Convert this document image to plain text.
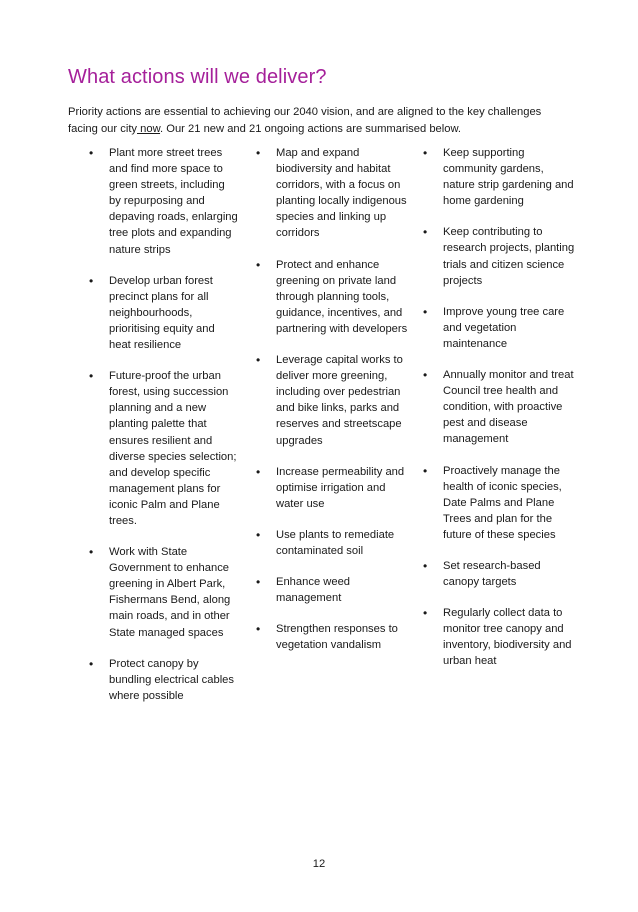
What actions will we deliver?

Priority actions are essential to achieving our 2040 vision, and are aligned to the key challenges facing our city now. Our 21 new and 21 ongoing actions are summarised below.

• Plant more street trees and find more space to green streets, including by repurposing and depaving roads, enlarging tree plots and expanding nature strips
• Develop urban forest precinct plans for all neighbourhoods, prioritising equity and heat resilience
• Future-proof the urban forest, using succession planning and a new planting palette that ensures resilient and diverse species selection; and develop specific management plans for iconic Palm and Plane trees.
• Work with State Government to enhance greening in Albert Park, Fishermans Bend, along main roads, and in other State managed spaces
• Protect canopy by bundling electrical cables where possible
• Map and expand biodiversity and habitat corridors, with a focus on planting locally indigenous species and linking up corridors
• Protect and enhance greening on private land through planning tools, guidance, incentives, and partnering with developers
• Leverage capital works to deliver more greening, including over pedestrian and bike links, parks and reserves and streetscape upgrades
• Increase permeability and optimise irrigation and water use
• Use plants to remediate contaminated soil
• Enhance weed management
• Strengthen responses to vegetation vandalism
• Keep supporting community gardens, nature strip gardening and home gardening
• Keep contributing to research projects, planting trials and citizen science projects
• Improve young tree care and vegetation maintenance
• Annually monitor and treat Council tree health and condition, with proactive pest and disease management
• Proactively manage the health of iconic species, Date Palms and Plane Trees and plan for the future of these species
• Set research-based canopy targets
• Regularly collect data to monitor tree canopy and inventory, biodiversity and urban heat
12
